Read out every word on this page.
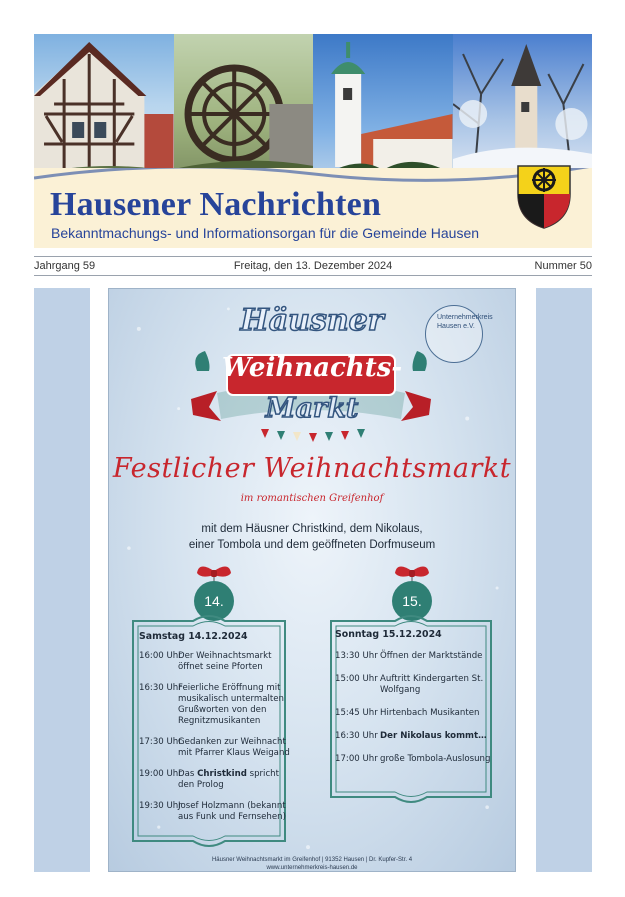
Hausener Nachrichten
Bekanntmachungs- und Informationsorgan für die Gemeinde Hausen
Jahrgang 59	Freitag, den 13. Dezember 2024	Nummer 50
Unternehmerkreis Hausen e.V.
Häusner
Weihnachts-
Markt
Festlicher Weihnachtsmarkt
im romantischen Greifenhof
mit dem Häusner Christkind, dem Nikolaus,
einer Tombola und dem geöffneten Dorfmuseum
14.	15.
Samstag 14.12.2024
16:00 Uhr
Der Weihnachtsmarkt öffnet seine Pforten
16:30 Uhr
Feierliche Eröffnung mit musikalisch untermalten Grußworten von den Regnitzmusikanten
17:30 Uhr
Gedanken zur Weihnacht mit Pfarrer Klaus Weigand
19:00 Uhr
Das Christkind spricht den Prolog
19:30 Uhr
Josef Holzmann (bekannt aus Funk und Fernsehen)
Sonntag 15.12.2024
13:30 Uhr Öffnen der Marktstände
15:00 Uhr Auftritt Kindergarten St. Wolfgang
15:45 Uhr Hirtenbach Musikanten
16:30 Uhr Der Nikolaus kommt…
17:00 Uhr große Tombola-Auslosung
Häusner Weihnachtsmarkt im Greifenhof | 91352 Hausen | Dr. Kupfer-Str. 4
www.unternehmerkreis-hausen.de
